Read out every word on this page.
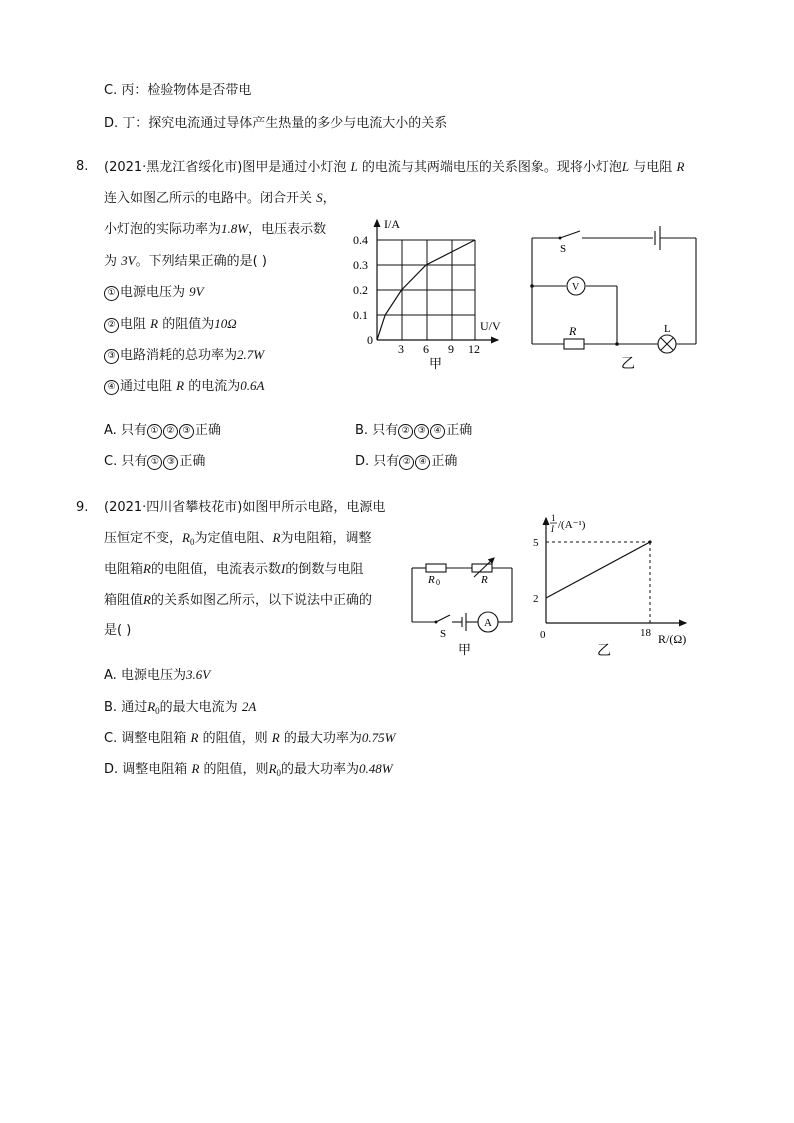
C. 丙：检验物体是否带电
D. 丁：探究电流通过导体产生热量的多少与电流大小的关系
8. (2021·黑龙江省绥化市)图甲是通过小灯泡 L 的电流与其两端电压的关系图象。现将小灯泡L 与电阻 R
连入如图乙所示的电路中。闭合开关 S，
小灯泡的实际功率为1.8W，电压表示数
为 3V。下列结果正确的是( )
① 电源电压为 9V
② 电阻 R 的阻值为10Ω
③ 电路消耗的总功率为2.7W
④ 通过电阻 R 的电流为0.6A
A. 只有 ① ② ③ 正确	B. 只有 ② ③ ④ 正确
C. 只有 ① ③ 正确	D. 只有 ② ④ 正确
I/A
U/V
0.4
0.3
0.2
0.1
0
3 6 9 12
甲
S
V
R	L
乙
9. (2021·四川省攀枝花市)如图甲所示电路，电源电
压恒定不变，$R_0$为定值电阻、R为电阻箱，调整
电阻箱R的电阻值，电流表示数I的倒数与电阻
箱阻值R的关系如图乙所示，以下说法中正确的
是( )
R 0	R
S
A
甲
1
I /(A⁻¹)
5
2
0	18 R/(Ω)
乙
A. 电源电压为3.6V
B. 通过$R_0$的最大电流为 2A
C. 调整电阻箱 R 的阻值，则 R 的最大功率为0.75W
D. 调整电阻箱 R 的阻值，则$R_0$的最大功率为0.48W
